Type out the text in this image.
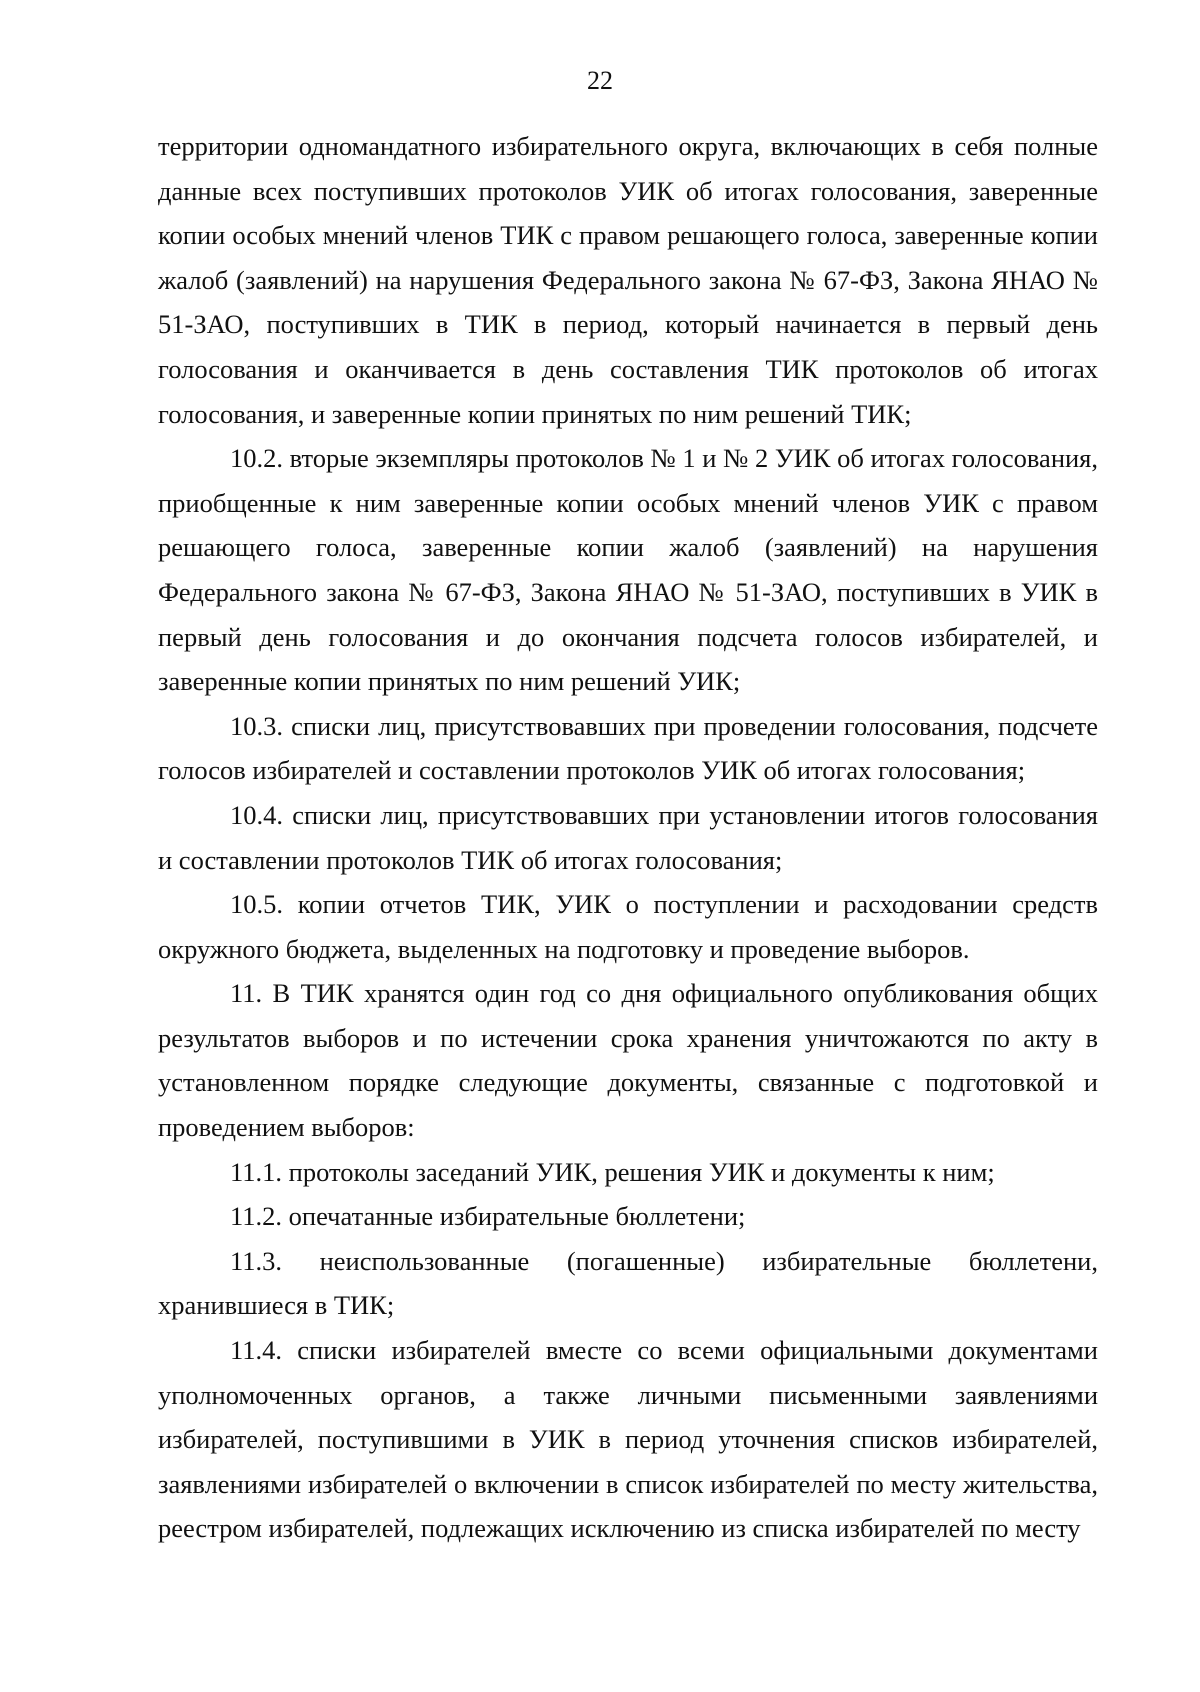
22

территории одномандатного избирательного округа, включающих в себя полные данные всех поступивших протоколов УИК об итогах голосования, заверенные копии особых мнений членов ТИК с правом решающего голоса, заверенные копии жалоб (заявлений) на нарушения Федерального закона № 67-ФЗ, Закона ЯНАО № 51-ЗАО, поступивших в ТИК в период, который начинается в первый день голосования и оканчивается в день составления ТИК протоколов об итогах голосования, и заверенные копии принятых по ним решений ТИК;

10.2. вторые экземпляры протоколов № 1 и № 2 УИК об итогах голосования, приобщенные к ним заверенные копии особых мнений членов УИК с правом решающего голоса, заверенные копии жалоб (заявлений) на нарушения Федерального закона № 67-ФЗ, Закона ЯНАО № 51-ЗАО, поступивших в УИК в первый день голосования и до окончания подсчета голосов избирателей, и заверенные копии принятых по ним решений УИК;

10.3. списки лиц, присутствовавших при проведении голосования, подсчете голосов избирателей и составлении протоколов УИК об итогах голосования;

10.4. списки лиц, присутствовавших при установлении итогов голосования и составлении протоколов ТИК об итогах голосования;

10.5. копии отчетов ТИК, УИК о поступлении и расходовании средств окружного бюджета, выделенных на подготовку и проведение выборов.

11. В ТИК хранятся один год со дня официального опубликования общих результатов выборов и по истечении срока хранения уничтожаются по акту в установленном порядке следующие документы, связанные с подготовкой и проведением выборов:

11.1. протоколы заседаний УИК, решения УИК и документы к ним;

11.2. опечатанные избирательные бюллетени;

11.3. неиспользованные (погашенные) избирательные бюллетени, хранившиеся в ТИК;

11.4. списки избирателей вместе со всеми официальными документами уполномоченных органов, а также личными письменными заявлениями избирателей, поступившими в УИК в период уточнения списков избирателей, заявлениями избирателей о включении в список избирателей по месту жительства, реестром избирателей, подлежащих исключению из списка избирателей по месту
